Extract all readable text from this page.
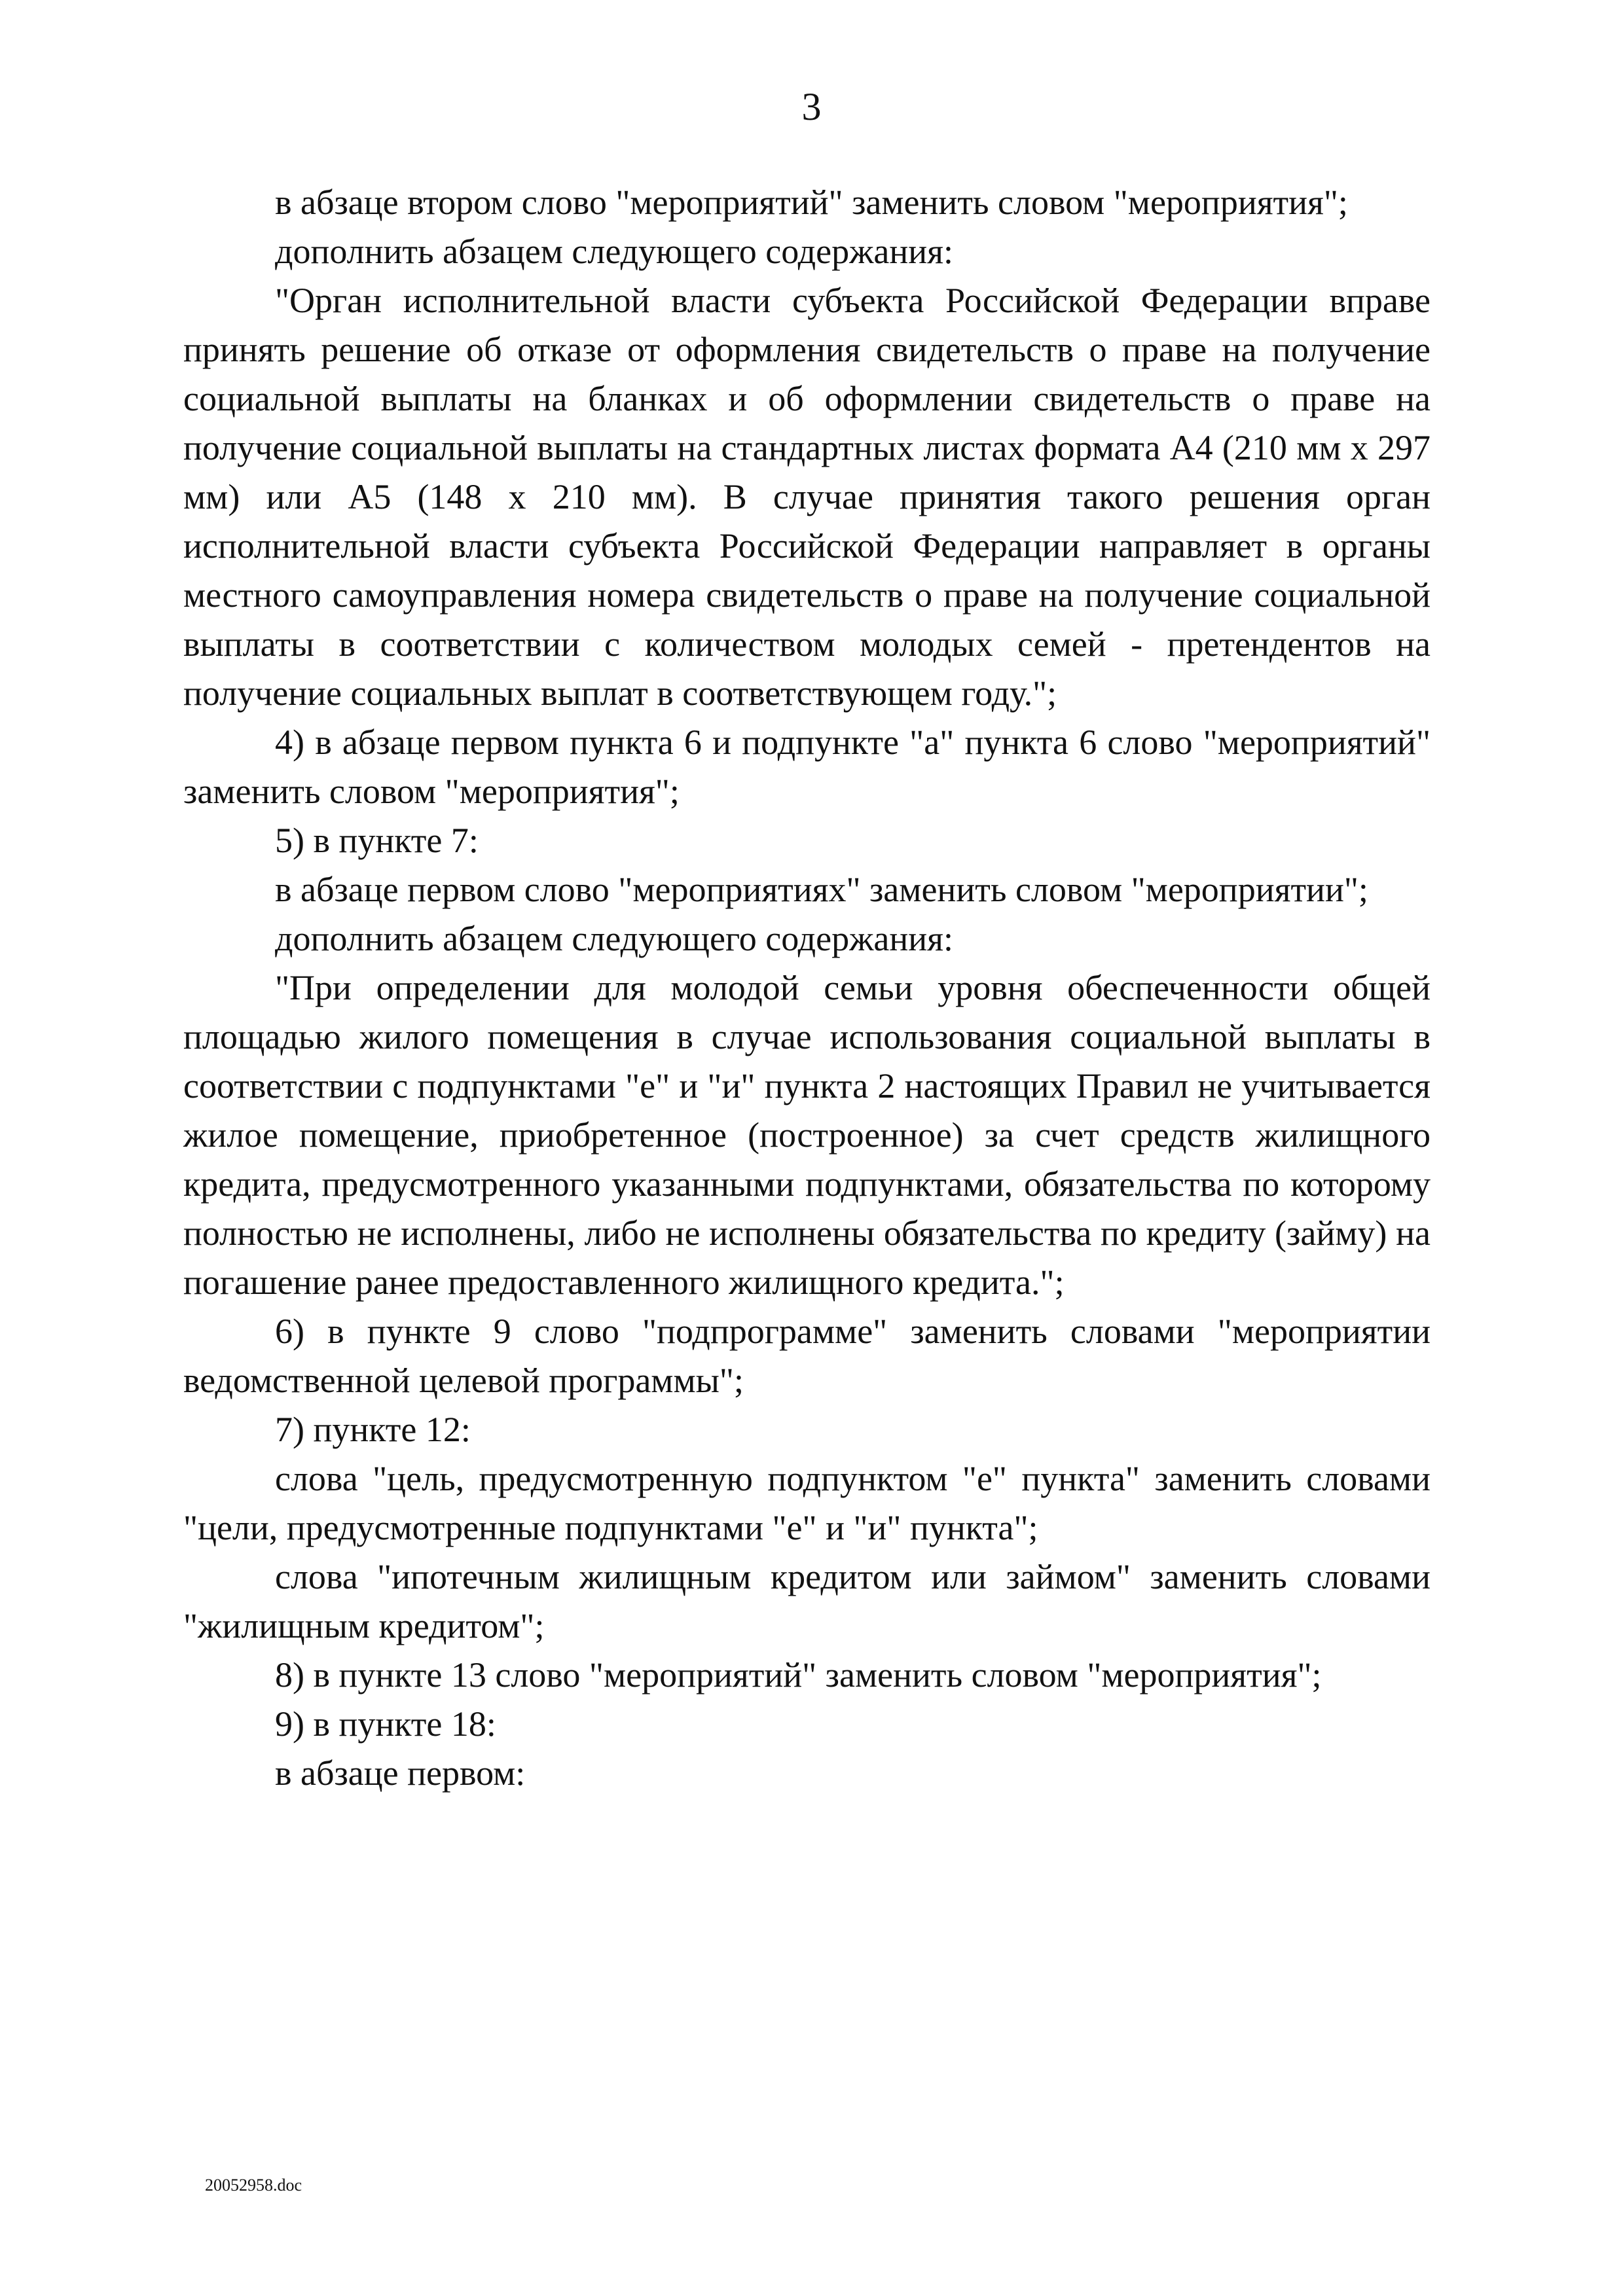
3

в абзаце втором слово "мероприятий" заменить словом "мероприятия";

дополнить абзацем следующего содержания:

"Орган исполнительной власти субъекта Российской Федерации вправе принять решение об отказе от оформления свидетельств о праве на получение социальной выплаты на бланках и об оформлении свидетельств о праве на получение социальной выплаты на стандартных листах формата А4 (210 мм х 297 мм) или А5 (148 х 210 мм). В случае принятия такого решения орган исполнительной власти субъекта Российской Федерации направляет в органы местного самоуправления номера свидетельств о праве на получение социальной выплаты в соответствии с количеством молодых семей - претендентов на получение социальных выплат в соответствующем году.";

4) в абзаце первом пункта 6 и подпункте "а" пункта 6 слово "мероприятий" заменить словом "мероприятия";

5) в пункте 7:

в абзаце первом слово "мероприятиях" заменить словом "мероприятии";

дополнить абзацем следующего содержания:

"При определении для молодой семьи уровня обеспеченности общей площадью жилого помещения в случае использования социальной выплаты в соответствии с подпунктами "е" и "и" пункта 2 настоящих Правил не учитывается жилое помещение, приобретенное (построенное) за счет средств жилищного кредита, предусмотренного указанными подпунктами, обязательства по которому полностью не исполнены, либо не исполнены обязательства по кредиту (займу) на погашение ранее предоставленного жилищного кредита.";

6) в пункте 9 слово "подпрограмме" заменить словами "мероприятии ведомственной целевой программы";

7) пункте 12:

слова "цель, предусмотренную подпунктом "е" пункта" заменить словами "цели, предусмотренные подпунктами "е" и "и" пункта";

слова "ипотечным жилищным кредитом или займом" заменить словами "жилищным кредитом";

8) в пункте 13 слово "мероприятий" заменить словом "мероприятия";

9) в пункте 18:

в абзаце первом:

20052958.doc
